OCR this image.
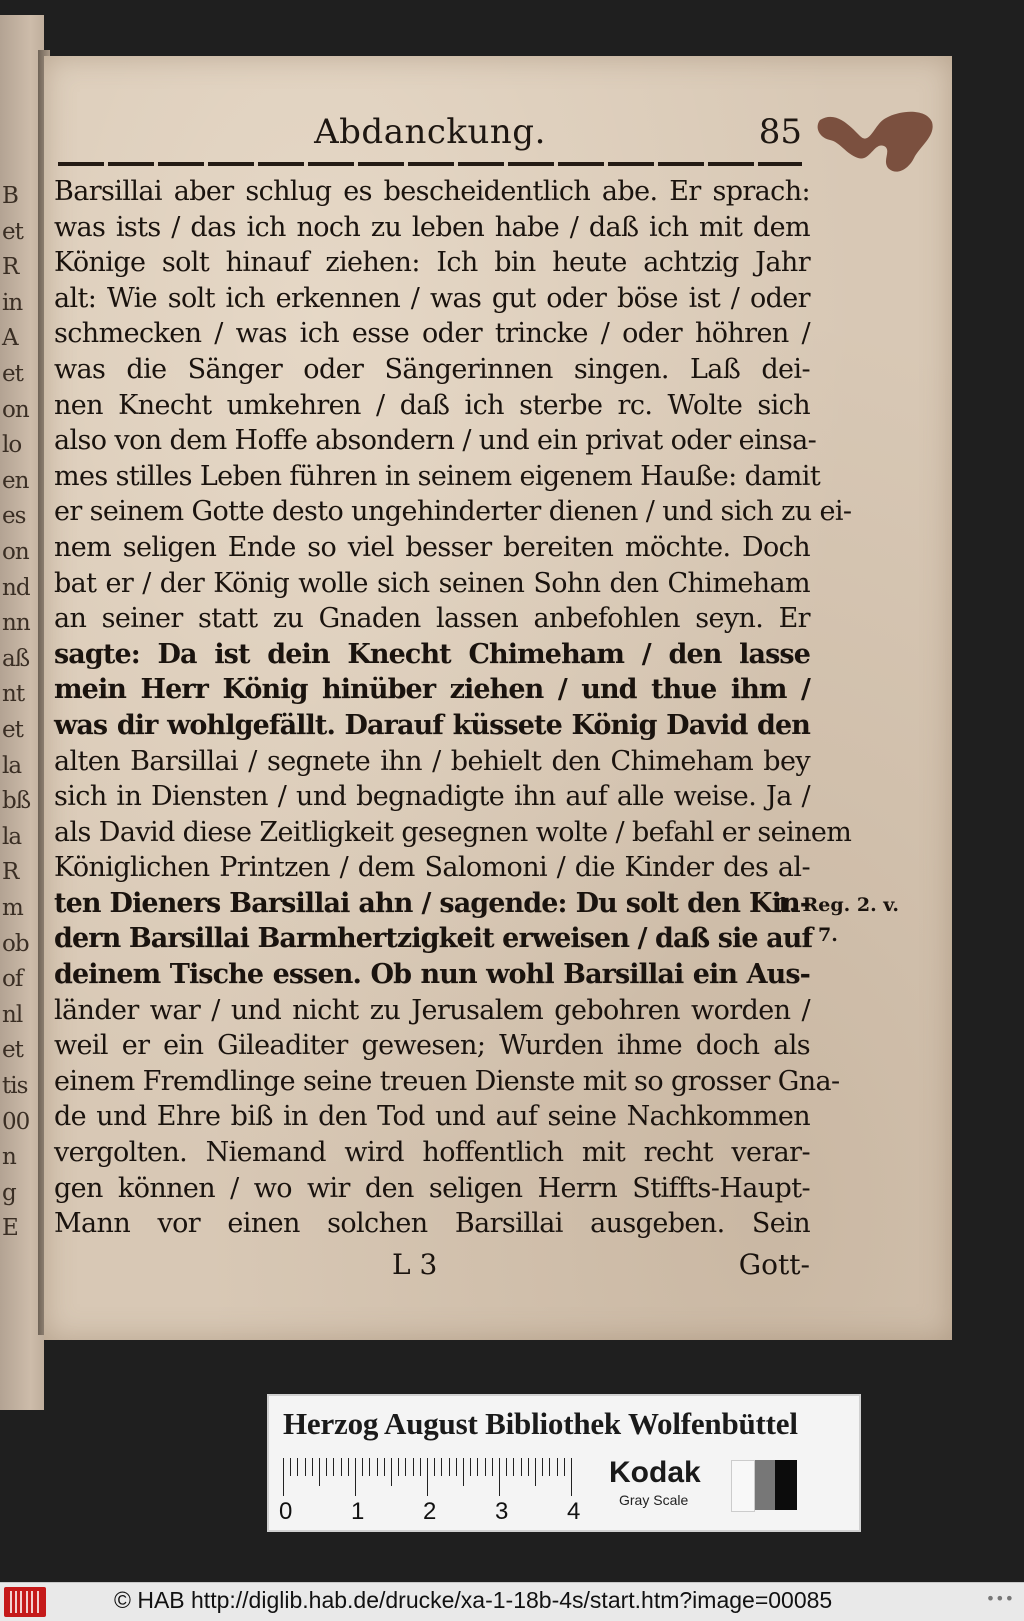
B
et
R
in
A
et
on
lo
en
es
on
nd
nn
aß
nt
et
la
bß
la
R
m
ob
of
nl
et
tis
00
n
g
E
Abdanckung.	85
Barsillai aber schlug es bescheidentlich abe. Er sprach:
was ists / das ich noch zu leben habe / daß ich mit dem
Könige solt hinauf ziehen: Ich bin heute achtzig Jahr
alt: Wie solt ich erkennen / was gut oder böse ist / oder
schmecken / was ich esse oder trincke / oder höhren /
was die Sänger oder Sängerinnen singen. Laß dei-
nen Knecht umkehren / daß ich sterbe rc. Wolte sich
also von dem Hoffe absondern / und ein privat oder einsa-
mes stilles Leben führen in seinem eigenem Hauße: damit
er seinem Gotte desto ungehinderter dienen / und sich zu ei-
nem seligen Ende so viel besser bereiten möchte. Doch
bat er / der König wolle sich seinen Sohn den Chimeham
an seiner statt zu Gnaden lassen anbefohlen seyn. Er
sagte: Da ist dein Knecht Chimeham / den lasse
mein Herr König hinüber ziehen / und thue ihm /
was dir wohlgefällt. Darauf küssete König David den
alten Barsillai / segnete ihn / behielt den Chimeham bey
sich in Diensten / und begnadigte ihn auf alle weise. Ja /
als David diese Zeitligkeit gesegnen wolte / befahl er seinem
Königlichen Printzen / dem Salomoni / die Kinder des al-
ten Dieners Barsillai ahn / sagende: Du solt den Kin-
dern Barsillai Barmhertzigkeit erweisen / daß sie auf
deinem Tische essen. Ob nun wohl Barsillai ein Aus-
länder war / und nicht zu Jerusalem gebohren worden /
weil er ein Gileaditer gewesen; Wurden ihme doch als
einem Fremdlinge seine treuen Dienste mit so grosser Gna-
de und Ehre biß in den Tod und auf seine Nachkommen
vergolten. Niemand wird hoffentlich mit recht verar-
gen können / wo wir den seligen Herrn Stiffts-Haupt-
Mann vor einen solchen Barsillai ausgeben. Sein
1. Reg. 2. v.
7.
L 3	Gott-
Herzog August Bibliothek Wolfenbüttel
0 1 2 3 4
Kodak
Gray Scale
© HAB http://diglib.hab.de/drucke/xa-1-18b-4s/start.htm?image=00085	•••
